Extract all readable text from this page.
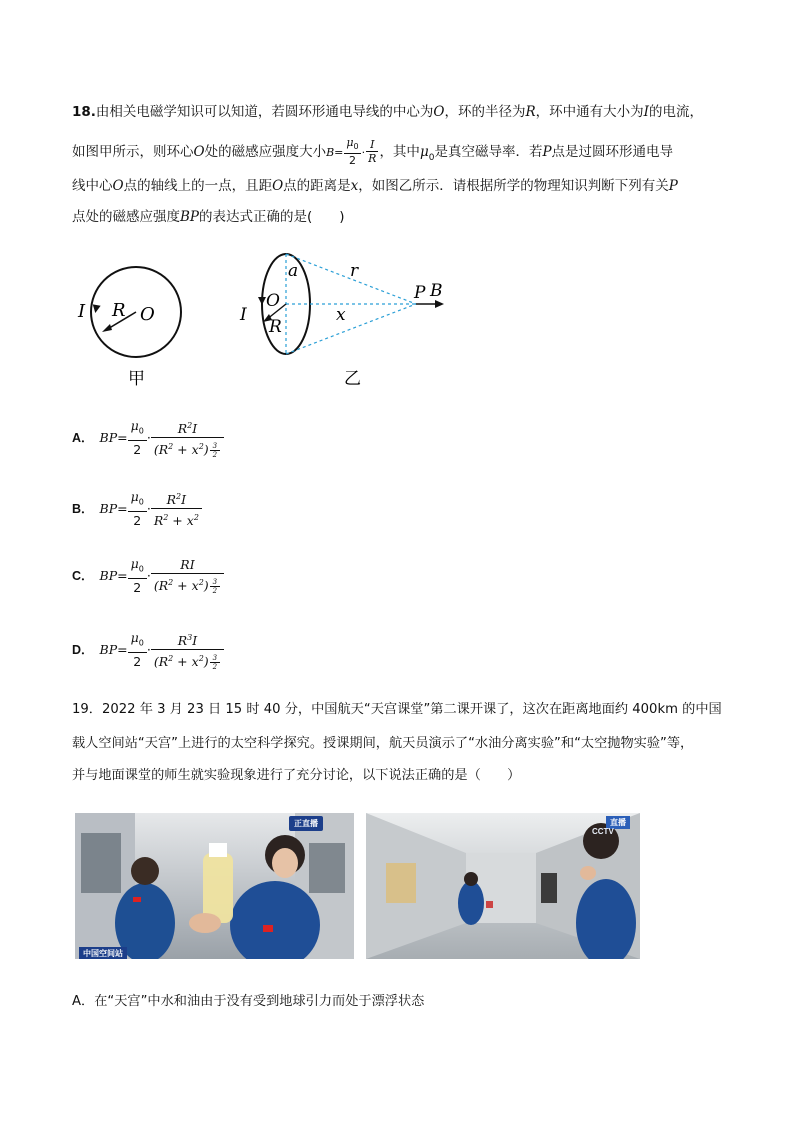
18.由相关电磁学知识可以知道，若圆环形通电导线的中心为O，环的半径为R，环中通有大小为I的电流，
如图甲所示，则环心O处的磁感应强度大小$B= \frac{\mu_0}{2} \cdot \frac{I}{R}$ ，其中$\mu_0$是真空磁导率．若P点是过圆环形通电导
线中心O点的轴线上的一点，且距O点的距离是x，如图乙所示．请根据所学的物理知识判断下列有关P
点处的磁感应强度BP的表达式正确的是(　　)
I R O
甲
a	r
O	P B
I
R
x
乙
A． $BP= \frac{\mu_0}{2} \cdot \frac{R^2I}{(R^2 + x^2) \frac{3}{2}}$
B． $BP= \frac{\mu_0}{2} \cdot \frac{R^2I}{R^2 + x^2}$
C． $BP= \frac{\mu_0}{2} \cdot \frac{RI}{(R^2 + x^2) \frac{3}{2}}$
D． $BP= \frac{\mu_0}{2} \cdot \frac{R^3I}{(R^2 + x^2) \frac{3}{2}}$
19．2022 年 3 月 23 日 15 时 40 分，中国航天“天宫课堂”第二课开课了，这次在距离地面约 400km 的中国
载人空间站“天宫”上进行的太空科学探究。授课期间，航天员演示了“水油分离实验”和“太空抛物实验”等，
并与地面课堂的师生就实验现象进行了充分讨论，以下说法正确的是（　　）
正直播
中国空间站
直播
CCTV
A．在“天宫”中水和油由于没有受到地球引力而处于漂浮状态
